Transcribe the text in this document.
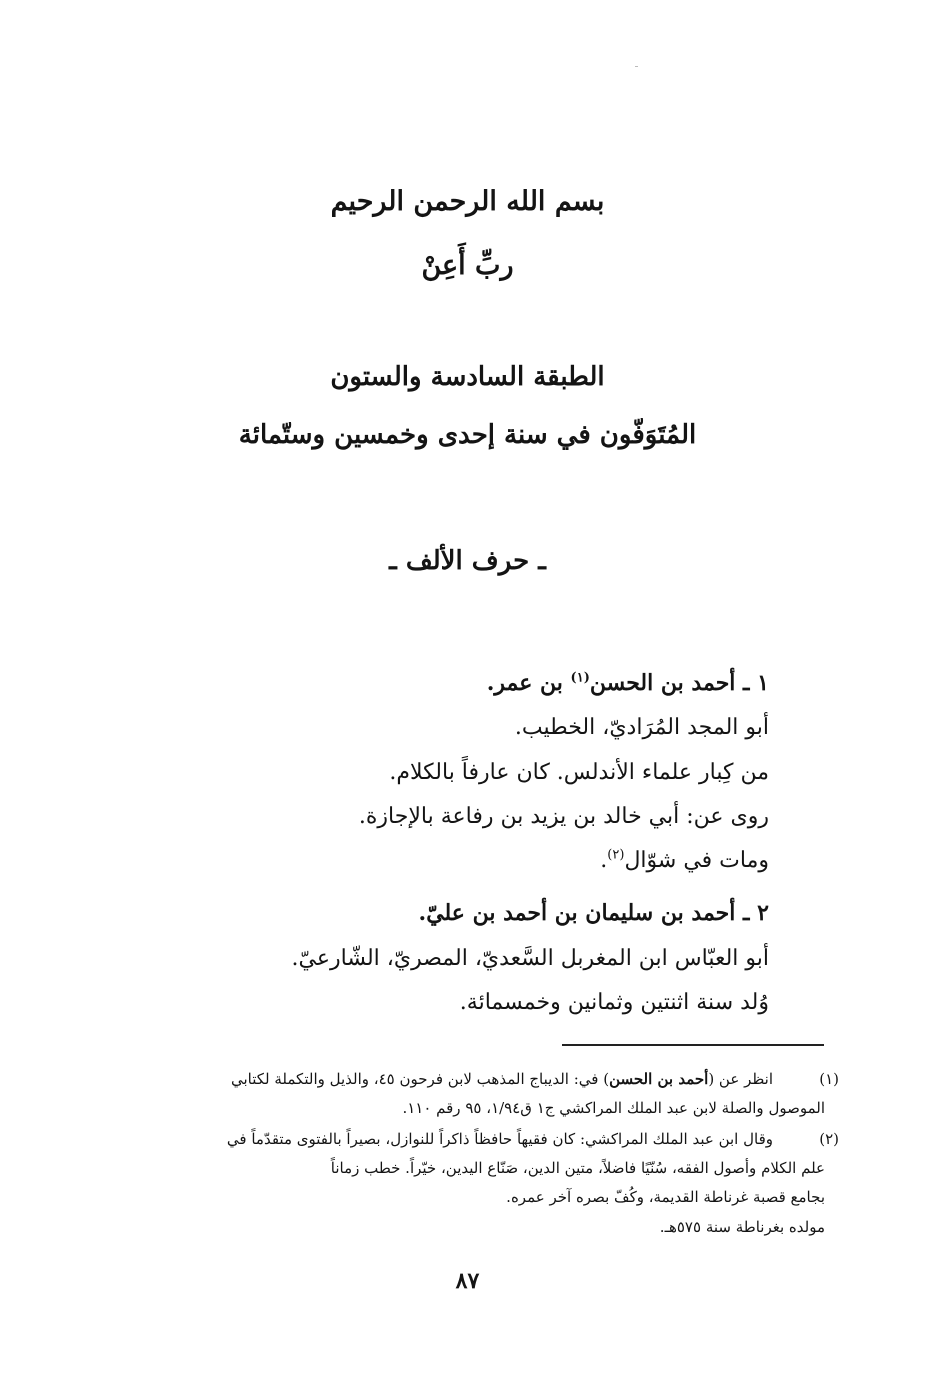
بسم الله الرحمن الرحيم
ربِّ أَعِنْ
الطبقة السادسة والستون
المُتَوَفّون في سنة إحدى وخمسين وستّمائة
ـ حرف الألف ـ
١ ـ أحمد بن الحسن$^{(١)}$ بن عمر.
أبو المجد المُرَاديّ، الخطيب.
من كِبار علماء الأندلس. كان عارفاً بالكلام.
روى عن: أبي خالد بن يزيد بن رفاعة بالإجازة.
ومات في شوّال$^{(٢)}$.
٢ ـ أحمد بن سليمان بن أحمد بن عليّ.
أبو العبّاس ابن المغربل السَّعديّ، المصريّ، الشّارعيّ.
وُلد سنة اثنتين وثمانين وخمسمائة.
(١)
انظر عن (أحمد بن الحسن) في: الديباج المذهب لابن فرحون ٤٥، والذيل والتكملة لكتابي
الموصول والصلة لابن عبد الملك المراكشي ج١ ق١/٩٤، ٩٥ رقم ١١٠.
(٢)
وقال ابن عبد الملك المراكشي: كان فقيهاً حافظاً ذاكراً للنوازل، بصيراً بالفتوى متقدّماً في
علم الكلام وأصول الفقه، سُنّيًا فاضلاً، متين الدين، صَنّاع اليدين، خيّراً. خطب زماناً
بجامع قصبة غرناطة القديمة، وكُفّ بصره آخر عمره.
مولده بغرناطة سنة ٥٧٥هـ.
٨٧
